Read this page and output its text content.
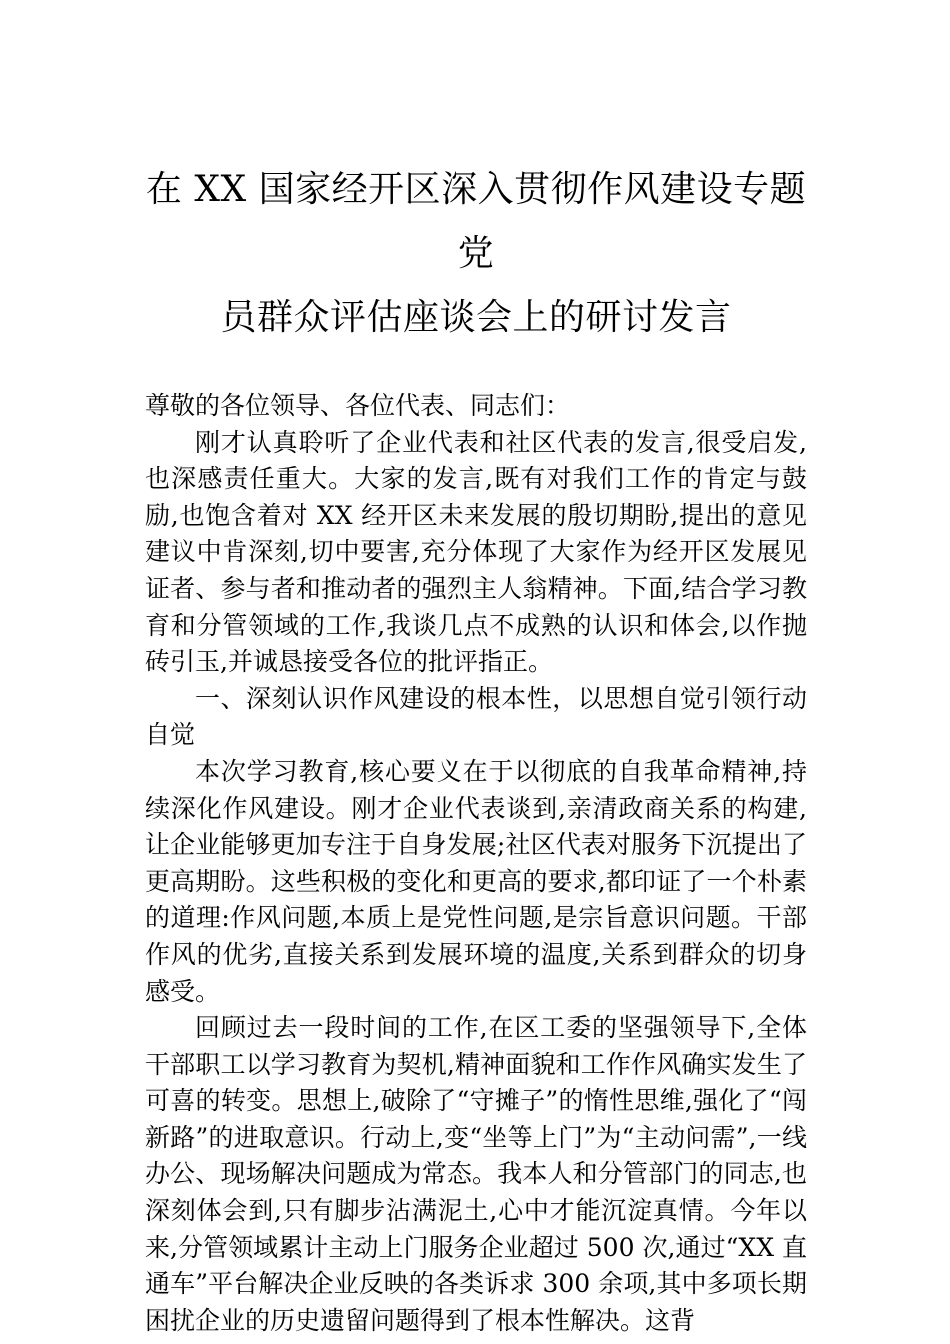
在 XX 国家经开区深入贯彻作风建设专题党
员群众评估座谈会上的研讨发言

尊敬的各位领导、各位代表、同志们：

刚才认真聆听了企业代表和社区代表的发言,很受启发,也深感责任重大。大家的发言,既有对我们工作的肯定与鼓励,也饱含着对 XX 经开区未来发展的殷切期盼,提出的意见建议中肯深刻,切中要害,充分体现了大家作为经开区发展见证者、参与者和推动者的强烈主人翁精神。下面,结合学习教育和分管领域的工作,我谈几点不成熟的认识和体会,以作抛砖引玉,并诚恳接受各位的批评指正。

一、深刻认识作风建设的根本性，以思想自觉引领行动自觉

本次学习教育,核心要义在于以彻底的自我革命精神,持续深化作风建设。刚才企业代表谈到,亲清政商关系的构建,让企业能够更加专注于自身发展;社区代表对服务下沉提出了更高期盼。这些积极的变化和更高的要求,都印证了一个朴素的道理:作风问题,本质上是党性问题,是宗旨意识问题。干部作风的优劣,直接关系到发展环境的温度,关系到群众的切身感受。

回顾过去一段时间的工作,在区工委的坚强领导下,全体干部职工以学习教育为契机,精神面貌和工作作风确实发生了可喜的转变。思想上,破除了“守摊子”的惰性思维,强化了“闯新路”的进取意识。行动上,变“坐等上门”为“主动问需”,一线办公、现场解决问题成为常态。我本人和分管部门的同志,也深刻体会到,只有脚步沾满泥土,心中才能沉淀真情。今年以来,分管领域累计主动上门服务企业超过 500 次,通过“XX 直通车”平台解决企业反映的各类诉求 300 余项,其中多项长期困扰企业的历史遗留问题得到了根本性解决。这背
